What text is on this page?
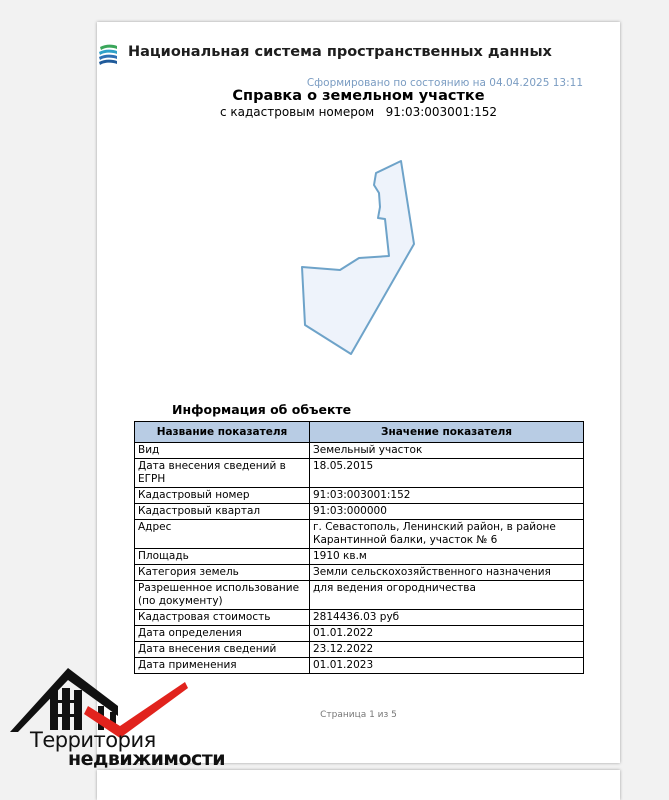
Национальная система пространственных данных
Сформировано по состоянию на 04.04.2025 13:11
Справка о земельном участке
с кадастровым номером   91:03:003001:152
Информация об объекте
Название показателя	Значение показателя
Вид	Земельный участок
Дата внесения сведений в ЕГРН	18.05.2015
Кадастровый номер	91:03:003001:152
Кадастровый квартал	91:03:000000
Адрес	г. Севастополь, Ленинский район, в районе Карантинной балки, участок № 6
Площадь	1910 кв.м
Категория земель	Земли сельскохозяйственного назначения
Разрешенное использование (по документу)	для ведения огородничества
Кадастровая стоимость	2814436.03 руб
Дата определения	01.01.2022
Дата внесения сведений	23.12.2022
Дата применения	01.01.2023
Страница 1 из 5
Территория
недвижимости
